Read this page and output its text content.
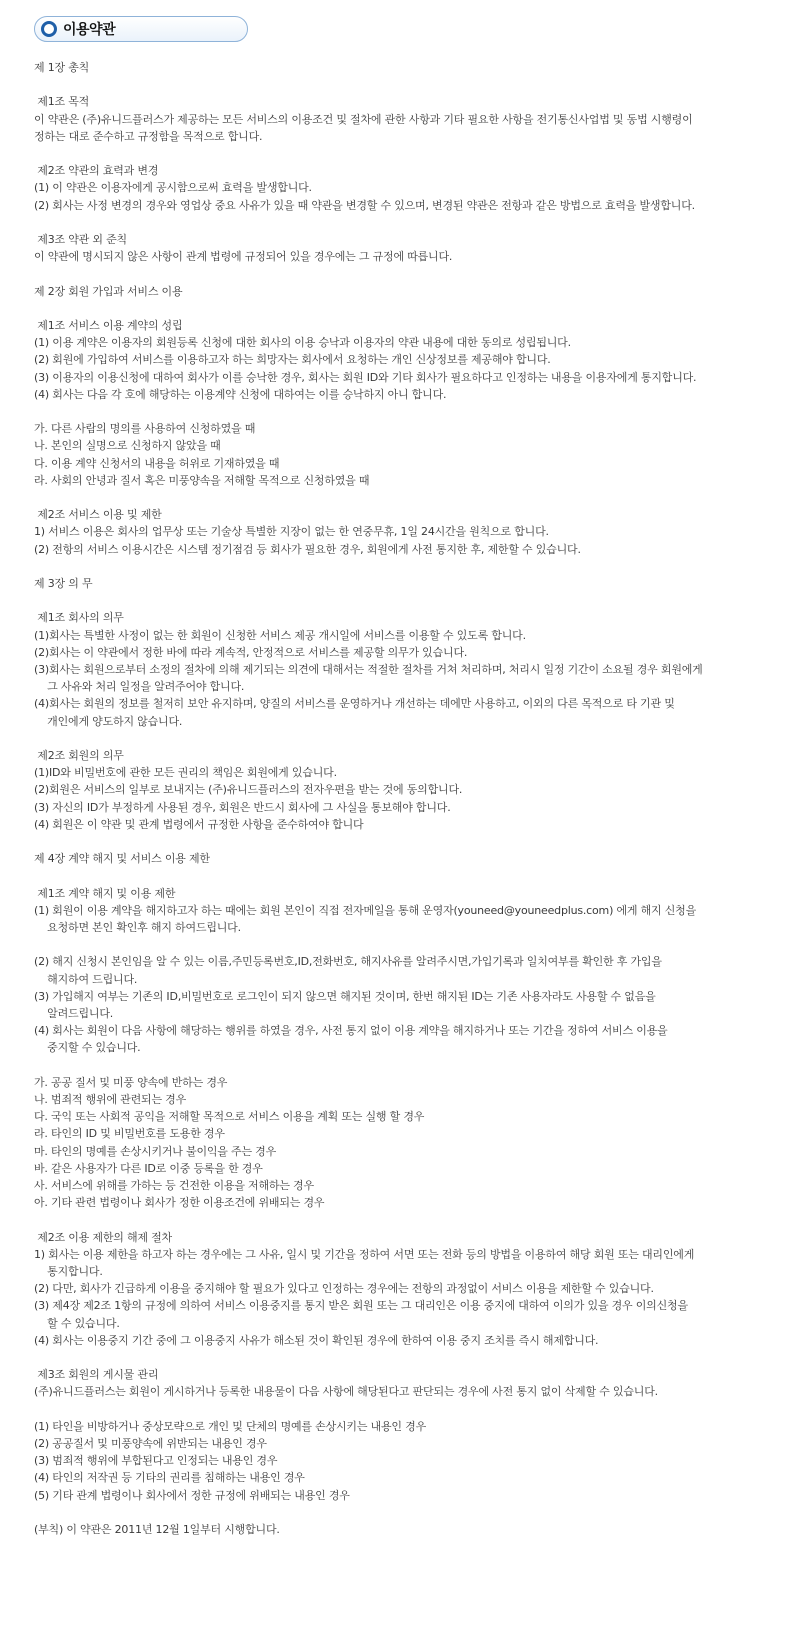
이용약관
제 1장 총칙
제1조 목적
이 약관은 (주)유니드플러스가 제공하는 모든 서비스의 이용조건 및 절차에 관한 사항과 기타 필요한 사항을 전기통신사업법 및 동법 시행령이
정하는 대로 준수하고 규정함을 목적으로 합니다.
제2조 약관의 효력과 변경
(1) 이 약관은 이용자에게 공시함으로써 효력을 발생합니다.
(2) 회사는 사정 변경의 경우와 영업상 중요 사유가 있을 때 약관을 변경할 수 있으며, 변경된 약관은 전항과 같은 방법으로 효력을 발생합니다.
제3조 약관 외 준칙
이 약관에 명시되지 않은 사항이 관계 법령에 규정되어 있을 경우에는 그 규정에 따릅니다.
제 2장 회원 가입과 서비스 이용
제1조 서비스 이용 계약의 성립
(1) 이용 계약은 이용자의 회원등록 신청에 대한 회사의 이용 승낙과 이용자의 약관 내용에 대한 동의로 성립됩니다.
(2) 회원에 가입하여 서비스를 이용하고자 하는 희망자는 회사에서 요청하는 개인 신상정보를 제공해야 합니다.
(3) 이용자의 이용신청에 대하여 회사가 이를 승낙한 경우, 회사는 회원 ID와 기타 회사가 필요하다고 인정하는 내용을 이용자에게 통지합니다.
(4) 회사는 다음 각 호에 해당하는 이용계약 신청에 대하여는 이를 승낙하지 아니 합니다.
가. 다른 사람의 명의를 사용하여 신청하였을 때
나. 본인의 실명으로 신청하지 않았을 때
다. 이용 계약 신청서의 내용을 허위로 기재하였을 때
라. 사회의 안녕과 질서 혹은 미풍양속을 저해할 목적으로 신청하였을 때
제2조 서비스 이용 및 제한
1) 서비스 이용은 회사의 업무상 또는 기술상 특별한 지장이 없는 한 연중무휴, 1일 24시간을 원칙으로 합니다.
(2) 전항의 서비스 이용시간은 시스템 정기점검 등 회사가 필요한 경우, 회원에게 사전 통지한 후, 제한할 수 있습니다.
제 3장 의 무
제1조 회사의 의무
(1)회사는 특별한 사정이 없는 한 회원이 신청한 서비스 제공 개시일에 서비스를 이용할 수 있도록 합니다.
(2)회사는 이 약관에서 정한 바에 따라 계속적, 안정적으로 서비스를 제공할 의무가 있습니다.
(3)회사는 회원으로부터 소정의 절차에 의해 제기되는 의견에 대해서는 적절한 절차를 거쳐 처리하며, 처리시 일정 기간이 소요될 경우 회원에게
그 사유와 처리 일정을 알려주어야 합니다.
(4)회사는 회원의 정보를 철저히 보안 유지하며, 양질의 서비스를 운영하거나 개선하는 데에만 사용하고, 이외의 다른 목적으로 타 기관 및
개인에게 양도하지 않습니다.
제2조 회원의 의무
(1)ID와 비밀번호에 관한 모든 권리의 책임은 회원에게 있습니다.
(2)회원은 서비스의 일부로 보내지는 (주)유니드플러스의 전자우편을 받는 것에 동의합니다.
(3) 자신의 ID가 부정하게 사용된 경우, 회원은 반드시 회사에 그 사실을 통보해야 합니다.
(4) 회원은 이 약관 및 관계 법령에서 규정한 사항을 준수하여야 합니다
제 4장 계약 해지 및 서비스 이용 제한
제1조 계약 해지 및 이용 제한
(1) 회원이 이용 계약을 해지하고자 하는 때에는 회원 본인이 직접 전자메일을 통해 운영자(youneed@youneedplus.com) 에게 해지 신청을
요청하면 본인 확인후 해지 하여드립니다.
(2) 해지 신청시 본인임을 알 수 있는 이름,주민등록번호,ID,전화번호, 해지사유를 알려주시면,가입기록과 일치여부를 확인한 후 가입을
해지하여 드립니다.
(3) 가입해지 여부는 기존의 ID,비밀번호로 로그인이 되지 않으면 해지된 것이며, 한번 해지된 ID는 기존 사용자라도 사용할 수 없음을
알려드립니다.
(4) 회사는 회원이 다음 사항에 해당하는 행위를 하였을 경우, 사전 통지 없이 이용 계약을 해지하거나 또는 기간을 정하여 서비스 이용을
중지할 수 있습니다.
가. 공공 질서 및 미풍 양속에 반하는 경우
나. 범죄적 행위에 관련되는 경우
다. 국익 또는 사회적 공익을 저해할 목적으로 서비스 이용을 계획 또는 실행 할 경우
라. 타인의 ID 및 비밀번호를 도용한 경우
마. 타인의 명예를 손상시키거나 불이익을 주는 경우
바. 같은 사용자가 다른 ID로 이중 등록을 한 경우
사. 서비스에 위해를 가하는 등 건전한 이용을 저해하는 경우
아. 기타 관련 법령이나 회사가 정한 이용조건에 위배되는 경우
제2조 이용 제한의 해제 절차
1) 회사는 이용 제한을 하고자 하는 경우에는 그 사유, 일시 및 기간을 정하여 서면 또는 전화 등의 방법을 이용하여 해당 회원 또는 대리인에게
통지합니다.
(2) 다만, 회사가 긴급하게 이용을 중지해야 할 필요가 있다고 인정하는 경우에는 전항의 과정없이 서비스 이용을 제한할 수 있습니다.
(3) 제4장 제2조 1항의 규정에 의하여 서비스 이용중지를 통지 받은 회원 또는 그 대리인은 이용 중지에 대하여 이의가 있을 경우 이의신청을
할 수 있습니다.
(4) 회사는 이용중지 기간 중에 그 이용중지 사유가 해소된 것이 확인된 경우에 한하여 이용 중지 조치를 즉시 해제합니다.
제3조 회원의 게시물 관리
(주)유니드플러스는 회원이 게시하거나 등록한 내용물이 다음 사항에 해당된다고 판단되는 경우에 사전 통지 없이 삭제할 수 있습니다.
(1) 타인을 비방하거나 중상모략으로 개인 및 단체의 명예를 손상시키는 내용인 경우
(2) 공공질서 및 미풍양속에 위반되는 내용인 경우
(3) 범죄적 행위에 부합된다고 인정되는 내용인 경우
(4) 타인의 저작권 등 기타의 권리를 침해하는 내용인 경우
(5) 기타 관계 법령이나 회사에서 정한 규정에 위배되는 내용인 경우
(부칙) 이 약관은 2011년 12월 1일부터 시행합니다.
